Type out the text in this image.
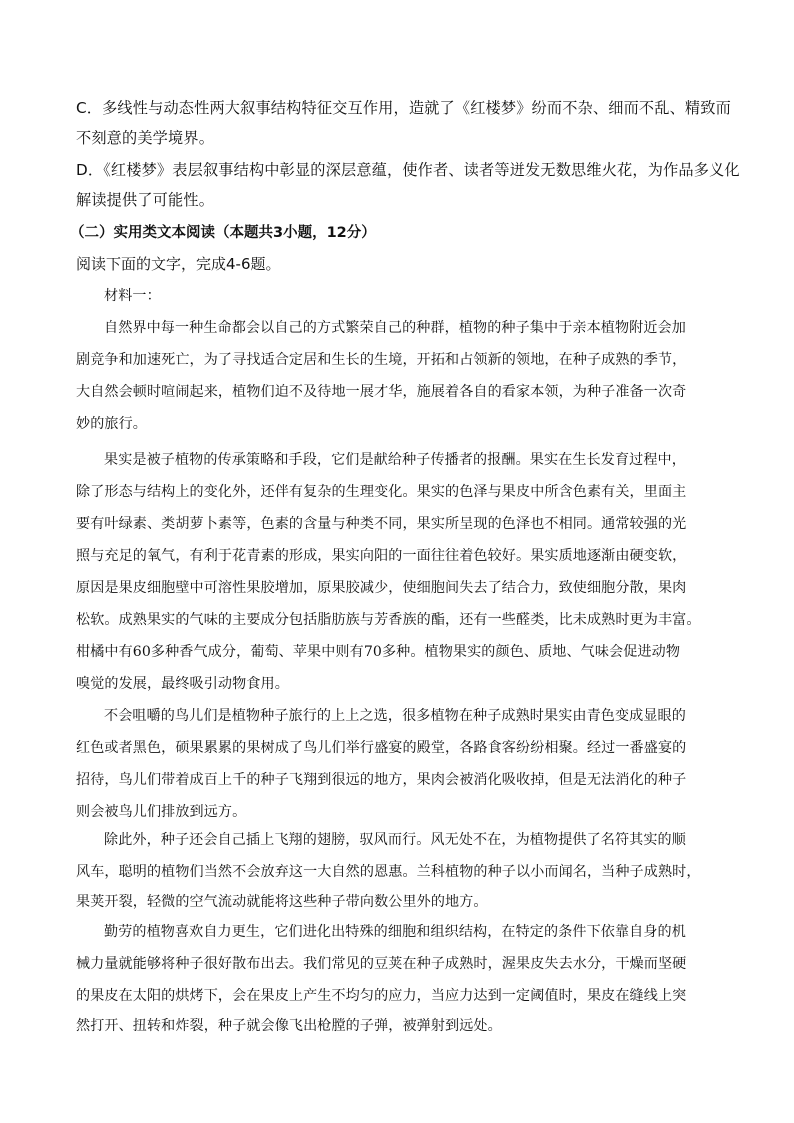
C．多线性与动态性两大叙事结构特征交互作用，造就了《红楼梦》纷而不杂、细而不乱、精致而
不刻意的美学境界。
D．《红楼梦》表层叙事结构中彰显的深层意蕴，使作者、读者等迸发无数思维火花，为作品多义化
解读提供了可能性。
（二）实用类文本阅读（本题共3小题，12分）
阅读下面的文字，完成4-6题。
材料一：
自然界中每一种生命都会以自己的方式繁荣自己的种群，植物的种子集中于亲本植物附近会加
剧竞争和加速死亡，为了寻找适合定居和生长的生境，开拓和占领新的领地，在种子成熟的季节，
大自然会顿时喧闹起来，植物们迫不及待地一展才华，施展着各自的看家本领，为种子准备一次奇
妙的旅行。
果实是被子植物的传承策略和手段，它们是献给种子传播者的报酬。果实在生长发育过程中，
除了形态与结构上的变化外，还伴有复杂的生理变化。果实的色泽与果皮中所含色素有关，里面主
要有叶绿素、类胡萝卜素等，色素的含量与种类不同，果实所呈现的色泽也不相同。通常较强的光
照与充足的氧气，有利于花青素的形成，果实向阳的一面往往着色较好。果实质地逐渐由硬变软，
原因是果皮细胞壁中可溶性果胶增加，原果胶减少，使细胞间失去了结合力，致使细胞分散，果肉
松软。成熟果实的气味的主要成分包括脂肪族与芳香族的酯，还有一些醛类，比未成熟时更为丰富。
柑橘中有60多种香气成分，葡萄、苹果中则有70多种。植物果实的颜色、质地、气味会促进动物
嗅觉的发展，最终吸引动物食用。
不会咀嚼的鸟儿们是植物种子旅行的上上之选，很多植物在种子成熟时果实由青色变成显眼的
红色或者黑色，硕果累累的果树成了鸟儿们举行盛宴的殿堂，各路食客纷纷相聚。经过一番盛宴的
招待，鸟儿们带着成百上千的种子飞翔到很远的地方，果肉会被消化吸收掉，但是无法消化的种子
则会被鸟儿们排放到远方。
除此外，种子还会自己插上飞翔的翅膀，驭风而行。风无处不在，为植物提供了名符其实的顺
风车，聪明的植物们当然不会放弃这一大自然的恩惠。兰科植物的种子以小而闻名，当种子成熟时，
果荚开裂，轻微的空气流动就能将这些种子带向数公里外的地方。
勤劳的植物喜欢自力更生，它们进化出特殊的细胞和组织结构，在特定的条件下依靠自身的机
械力量就能够将种子很好散布出去。我们常见的豆荚在种子成熟时，渥果皮失去水分，干燥而坚硬
的果皮在太阳的烘烤下，会在果皮上产生不均匀的应力，当应力达到一定阈值时，果皮在缝线上突
然打开、扭转和炸裂，种子就会像飞出枪膛的子弹，被弹射到远处。
